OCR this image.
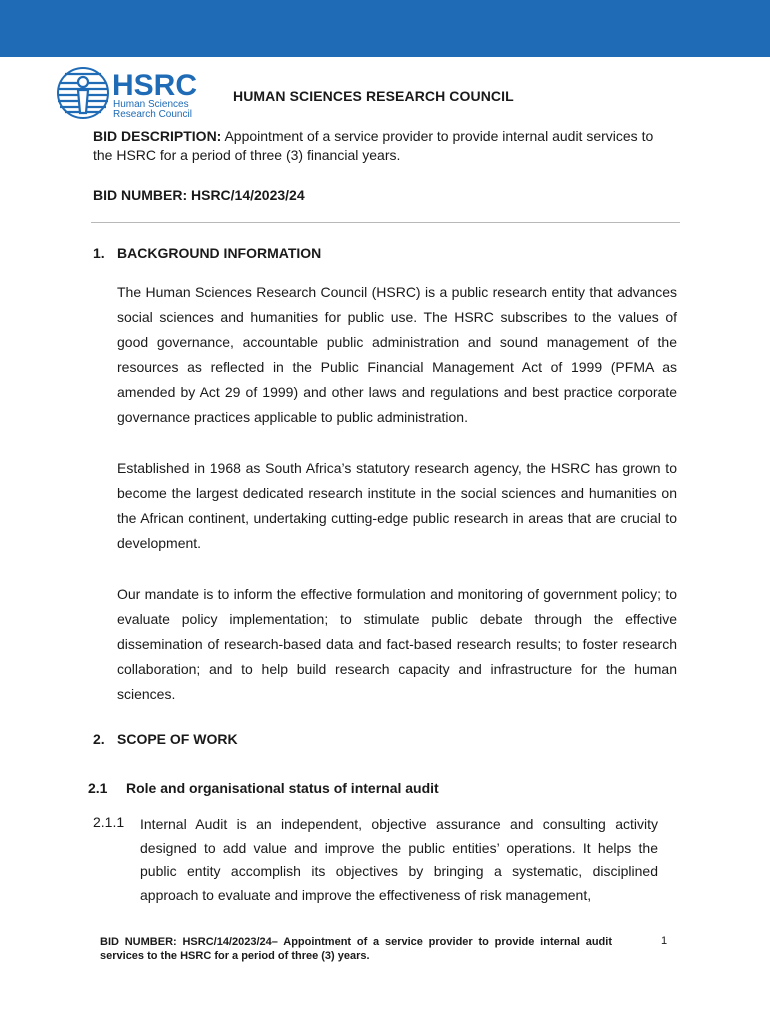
HSRC
Human Sciences
Research Council
HUMAN SCIENCES RESEARCH COUNCIL
BID DESCRIPTION: Appointment of a service provider to provide internal audit services to the HSRC for a period of three (3) financial years.
BID NUMBER: HSRC/14/2023/24
1. BACKGROUND INFORMATION
The Human Sciences Research Council (HSRC) is a public research entity that advances social sciences and humanities for public use. The HSRC subscribes to the values of good governance, accountable public administration and sound management of the resources as reflected in the Public Financial Management Act of 1999 (PFMA as amended by Act 29 of 1999) and other laws and regulations and best practice corporate governance practices applicable to public administration.
Established in 1968 as South Africa’s statutory research agency, the HSRC has grown to become the largest dedicated research institute in the social sciences and humanities on the African continent, undertaking cutting-edge public research in areas that are crucial to development.
Our mandate is to inform the effective formulation and monitoring of government policy; to evaluate policy implementation; to stimulate public debate through the effective dissemination of research-based data and fact-based research results; to foster research collaboration; and to help build research capacity and infrastructure for the human sciences.
2. SCOPE OF WORK
2.1 Role and organisational status of internal audit
2.1.1 Internal Audit is an independent, objective assurance and consulting activity designed to add value and improve the public entities’ operations. It helps the public entity accomplish its objectives by bringing a systematic, disciplined approach to evaluate and improve the effectiveness of risk management,
BID NUMBER: HSRC/14/2023/24– Appointment of a service provider to provide internal audit services to the HSRC for a period of three (3) years.
1
